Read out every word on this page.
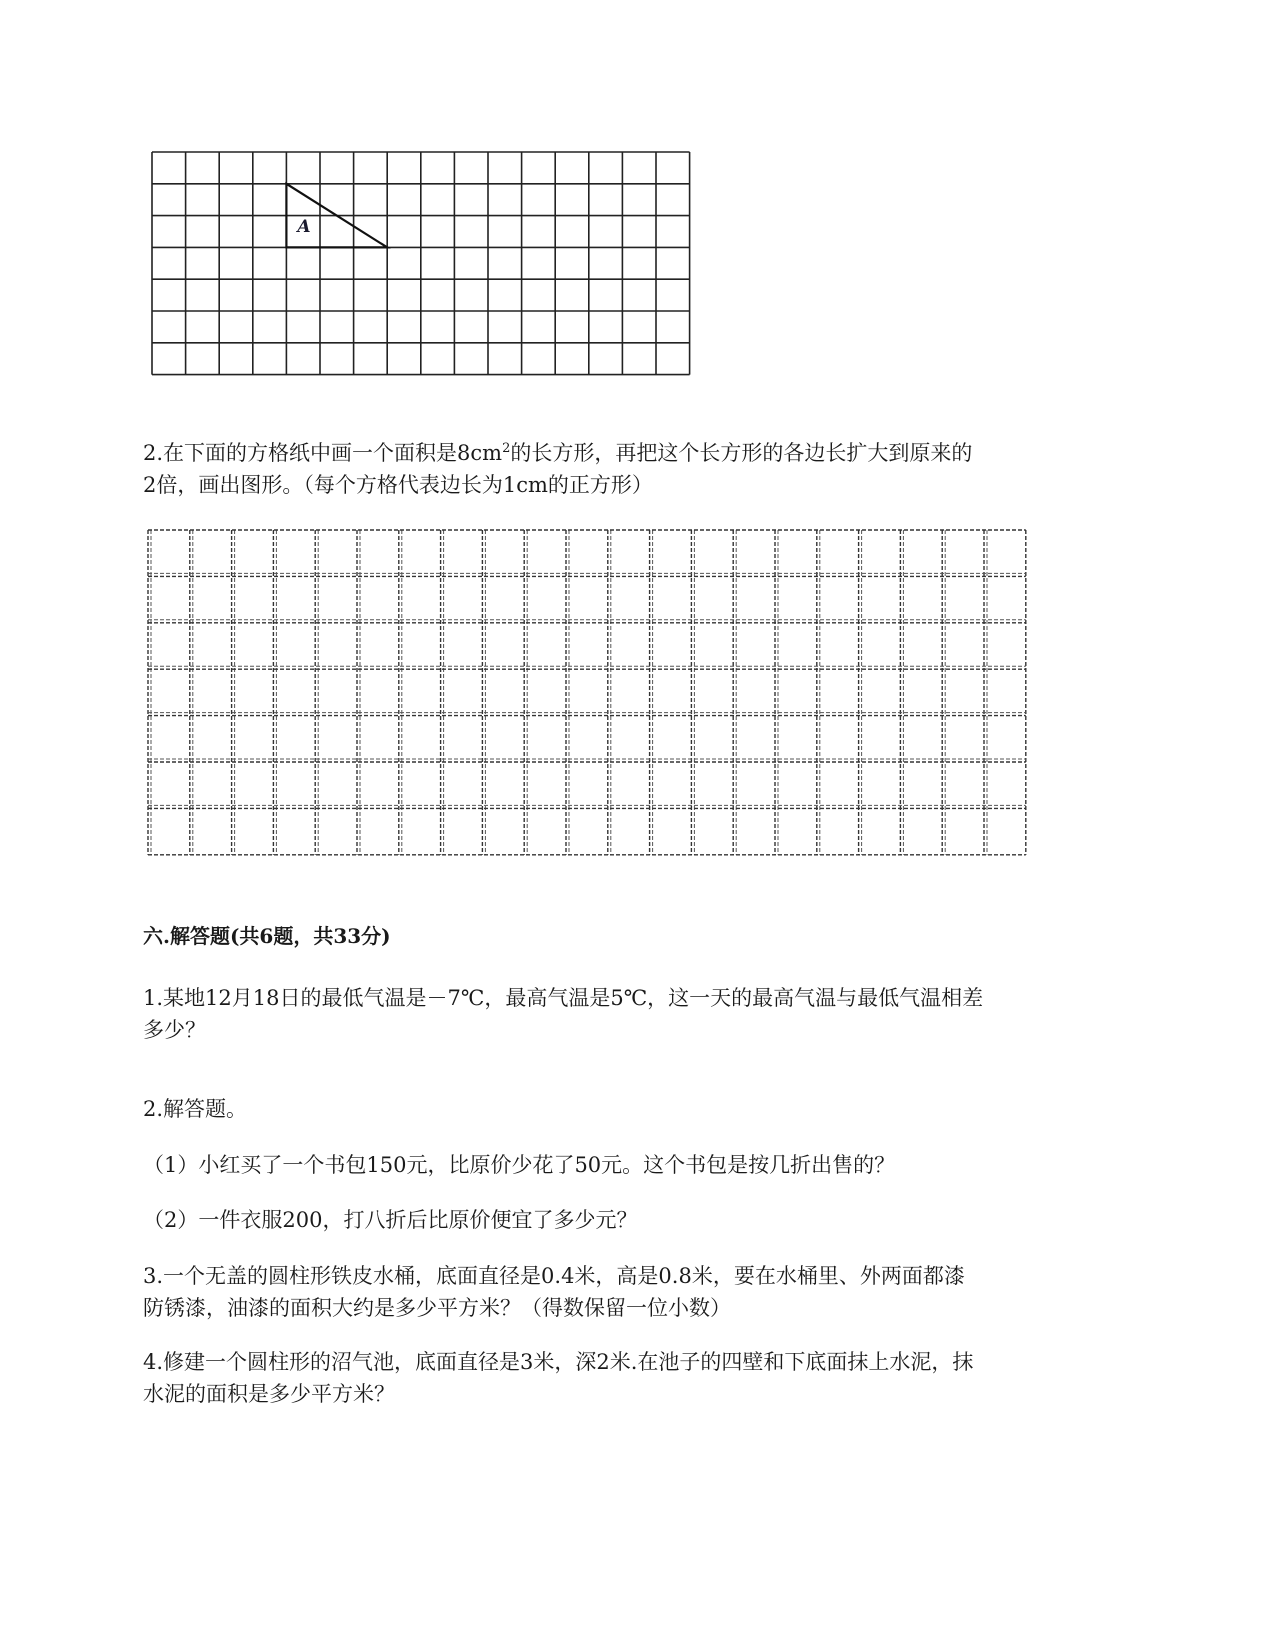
A
2.在下面的方格纸中画一个面积是$8cm^2$的长方形，再把这个长方形的各边长扩大到原来的
2倍，画出图形。（每个方格代表边长为1cm的正方形）
六.解答题(共6题，共33分)
1.某地12月18日的最低气温是－7℃，最高气温是5℃，这一天的最高气温与最低气温相差
多少？
2.解答题。
（1）小红买了一个书包150元，比原价少花了50元。这个书包是按几折出售的？
（2）一件衣服200，打八折后比原价便宜了多少元？
3.一个无盖的圆柱形铁皮水桶，底面直径是0.4米，高是0.8米，要在水桶里、外两面都漆
防锈漆，油漆的面积大约是多少平方米？（得数保留一位小数）
4.修建一个圆柱形的沼气池，底面直径是3米，深2米.在池子的四壁和下底面抹上水泥，抹
水泥的面积是多少平方米？
